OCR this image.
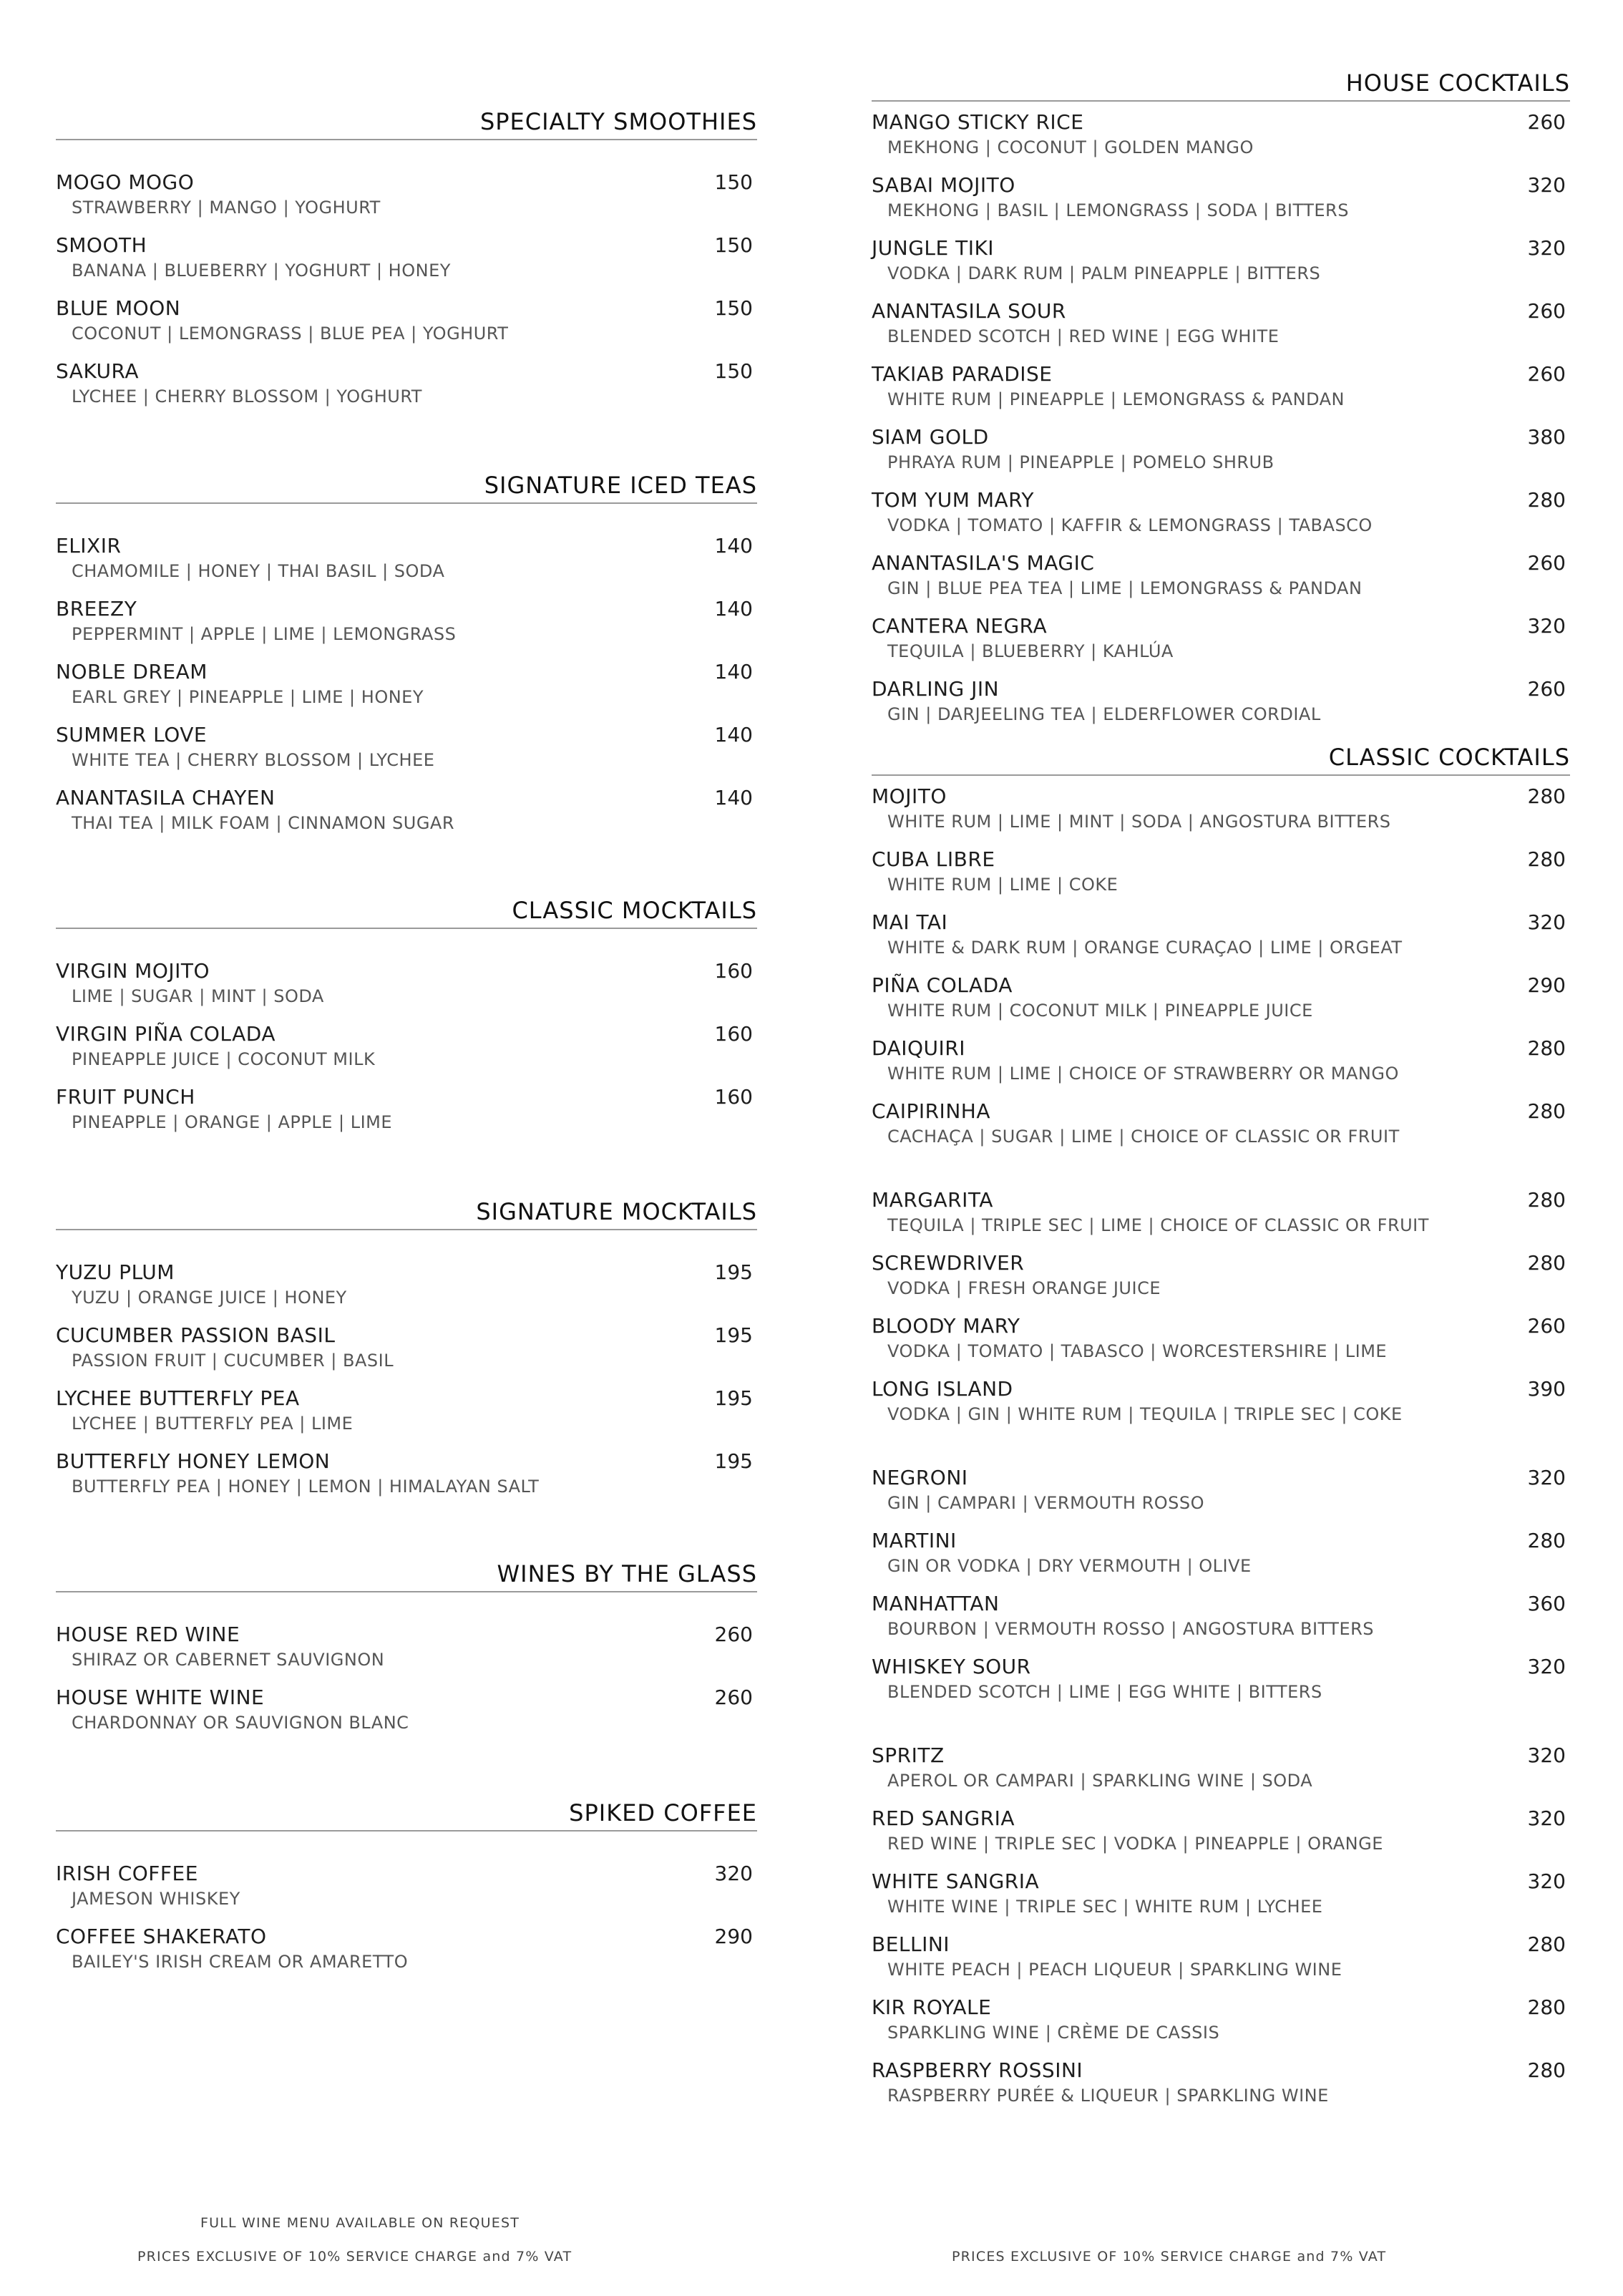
SPECIALTY SMOOTHIES
MOGO MOGO	150
STRAWBERRY | MANGO | YOGHURT
SMOOTH	150
BANANA | BLUEBERRY | YOGHURT | HONEY
BLUE MOON	150
COCONUT | LEMONGRASS | BLUE PEA | YOGHURT
SAKURA	150
LYCHEE | CHERRY BLOSSOM | YOGHURT
SIGNATURE ICED TEAS
ELIXIR	140
CHAMOMILE | HONEY | THAI BASIL | SODA
BREEZY	140
PEPPERMINT | APPLE | LIME | LEMONGRASS
NOBLE DREAM	140
EARL GREY | PINEAPPLE | LIME | HONEY
SUMMER LOVE	140
WHITE TEA | CHERRY BLOSSOM | LYCHEE
ANANTASILA CHAYEN	140
THAI TEA | MILK FOAM | CINNAMON SUGAR
CLASSIC MOCKTAILS
VIRGIN MOJITO	160
LIME | SUGAR | MINT | SODA
VIRGIN PIÑA COLADA	160
PINEAPPLE JUICE | COCONUT MILK
FRUIT PUNCH	160
PINEAPPLE | ORANGE | APPLE | LIME
SIGNATURE MOCKTAILS
YUZU PLUM	195
YUZU | ORANGE JUICE | HONEY
CUCUMBER PASSION BASIL	195
PASSION FRUIT | CUCUMBER | BASIL
LYCHEE BUTTERFLY PEA	195
LYCHEE | BUTTERFLY PEA | LIME
BUTTERFLY HONEY LEMON	195
BUTTERFLY PEA | HONEY | LEMON | HIMALAYAN SALT
WINES BY THE GLASS
HOUSE RED WINE	260
SHIRAZ OR CABERNET SAUVIGNON
HOUSE WHITE WINE	260
CHARDONNAY OR SAUVIGNON BLANC
SPIKED COFFEE
IRISH COFFEE	320
JAMESON WHISKEY
COFFEE SHAKERATO	290
BAILEY'S IRISH CREAM OR AMARETTO
HOUSE COCKTAILS
MANGO STICKY RICE	260
MEKHONG | COCONUT | GOLDEN MANGO
SABAI MOJITO	320
MEKHONG | BASIL | LEMONGRASS | SODA | BITTERS
JUNGLE TIKI	320
VODKA | DARK RUM | PALM PINEAPPLE | BITTERS
ANANTASILA SOUR	260
BLENDED SCOTCH | RED WINE | EGG WHITE
TAKIAB PARADISE	260
WHITE RUM | PINEAPPLE | LEMONGRASS & PANDAN
SIAM GOLD	380
PHRAYA RUM | PINEAPPLE | POMELO SHRUB
TOM YUM MARY	280
VODKA | TOMATO | KAFFIR & LEMONGRASS | TABASCO
ANANTASILA'S MAGIC	260
GIN | BLUE PEA TEA | LIME | LEMONGRASS & PANDAN
CANTERA NEGRA	320
TEQUILA | BLUEBERRY | KAHLÚA
DARLING JIN	260
GIN | DARJEELING TEA | ELDERFLOWER CORDIAL
CLASSIC COCKTAILS
MOJITO	280
WHITE RUM | LIME | MINT | SODA | ANGOSTURA BITTERS
CUBA LIBRE	280
WHITE RUM | LIME | COKE
MAI TAI	320
WHITE & DARK RUM | ORANGE CURAÇAO | LIME | ORGEAT
PIÑA COLADA	290
WHITE RUM | COCONUT MILK | PINEAPPLE JUICE
DAIQUIRI	280
WHITE RUM | LIME | CHOICE OF STRAWBERRY OR MANGO
CAIPIRINHA	280
CACHAÇA | SUGAR | LIME | CHOICE OF CLASSIC OR FRUIT
MARGARITA	280
TEQUILA | TRIPLE SEC | LIME | CHOICE OF CLASSIC OR FRUIT
SCREWDRIVER	280
VODKA | FRESH ORANGE JUICE
BLOODY MARY	260
VODKA | TOMATO | TABASCO | WORCESTERSHIRE | LIME
LONG ISLAND	390
VODKA | GIN | WHITE RUM | TEQUILA | TRIPLE SEC | COKE
NEGRONI	320
GIN | CAMPARI | VERMOUTH ROSSO
MARTINI	280
GIN OR VODKA | DRY VERMOUTH | OLIVE
MANHATTAN	360
BOURBON | VERMOUTH ROSSO | ANGOSTURA BITTERS
WHISKEY SOUR	320
BLENDED SCOTCH | LIME | EGG WHITE | BITTERS
SPRITZ	320
APEROL OR CAMPARI | SPARKLING WINE | SODA
RED SANGRIA	320
RED WINE | TRIPLE SEC | VODKA | PINEAPPLE | ORANGE
WHITE SANGRIA	320
WHITE WINE | TRIPLE SEC | WHITE RUM | LYCHEE
BELLINI	280
WHITE PEACH | PEACH LIQUEUR | SPARKLING WINE
KIR ROYALE	280
SPARKLING WINE | CRÈME DE CASSIS
RASPBERRY ROSSINI	280
RASPBERRY PURÉE & LIQUEUR | SPARKLING WINE
FULL WINE MENU AVAILABLE ON REQUEST
PRICES EXCLUSIVE OF 10% SERVICE CHARGE and 7% VAT	PRICES EXCLUSIVE OF 10% SERVICE CHARGE and 7% VAT
